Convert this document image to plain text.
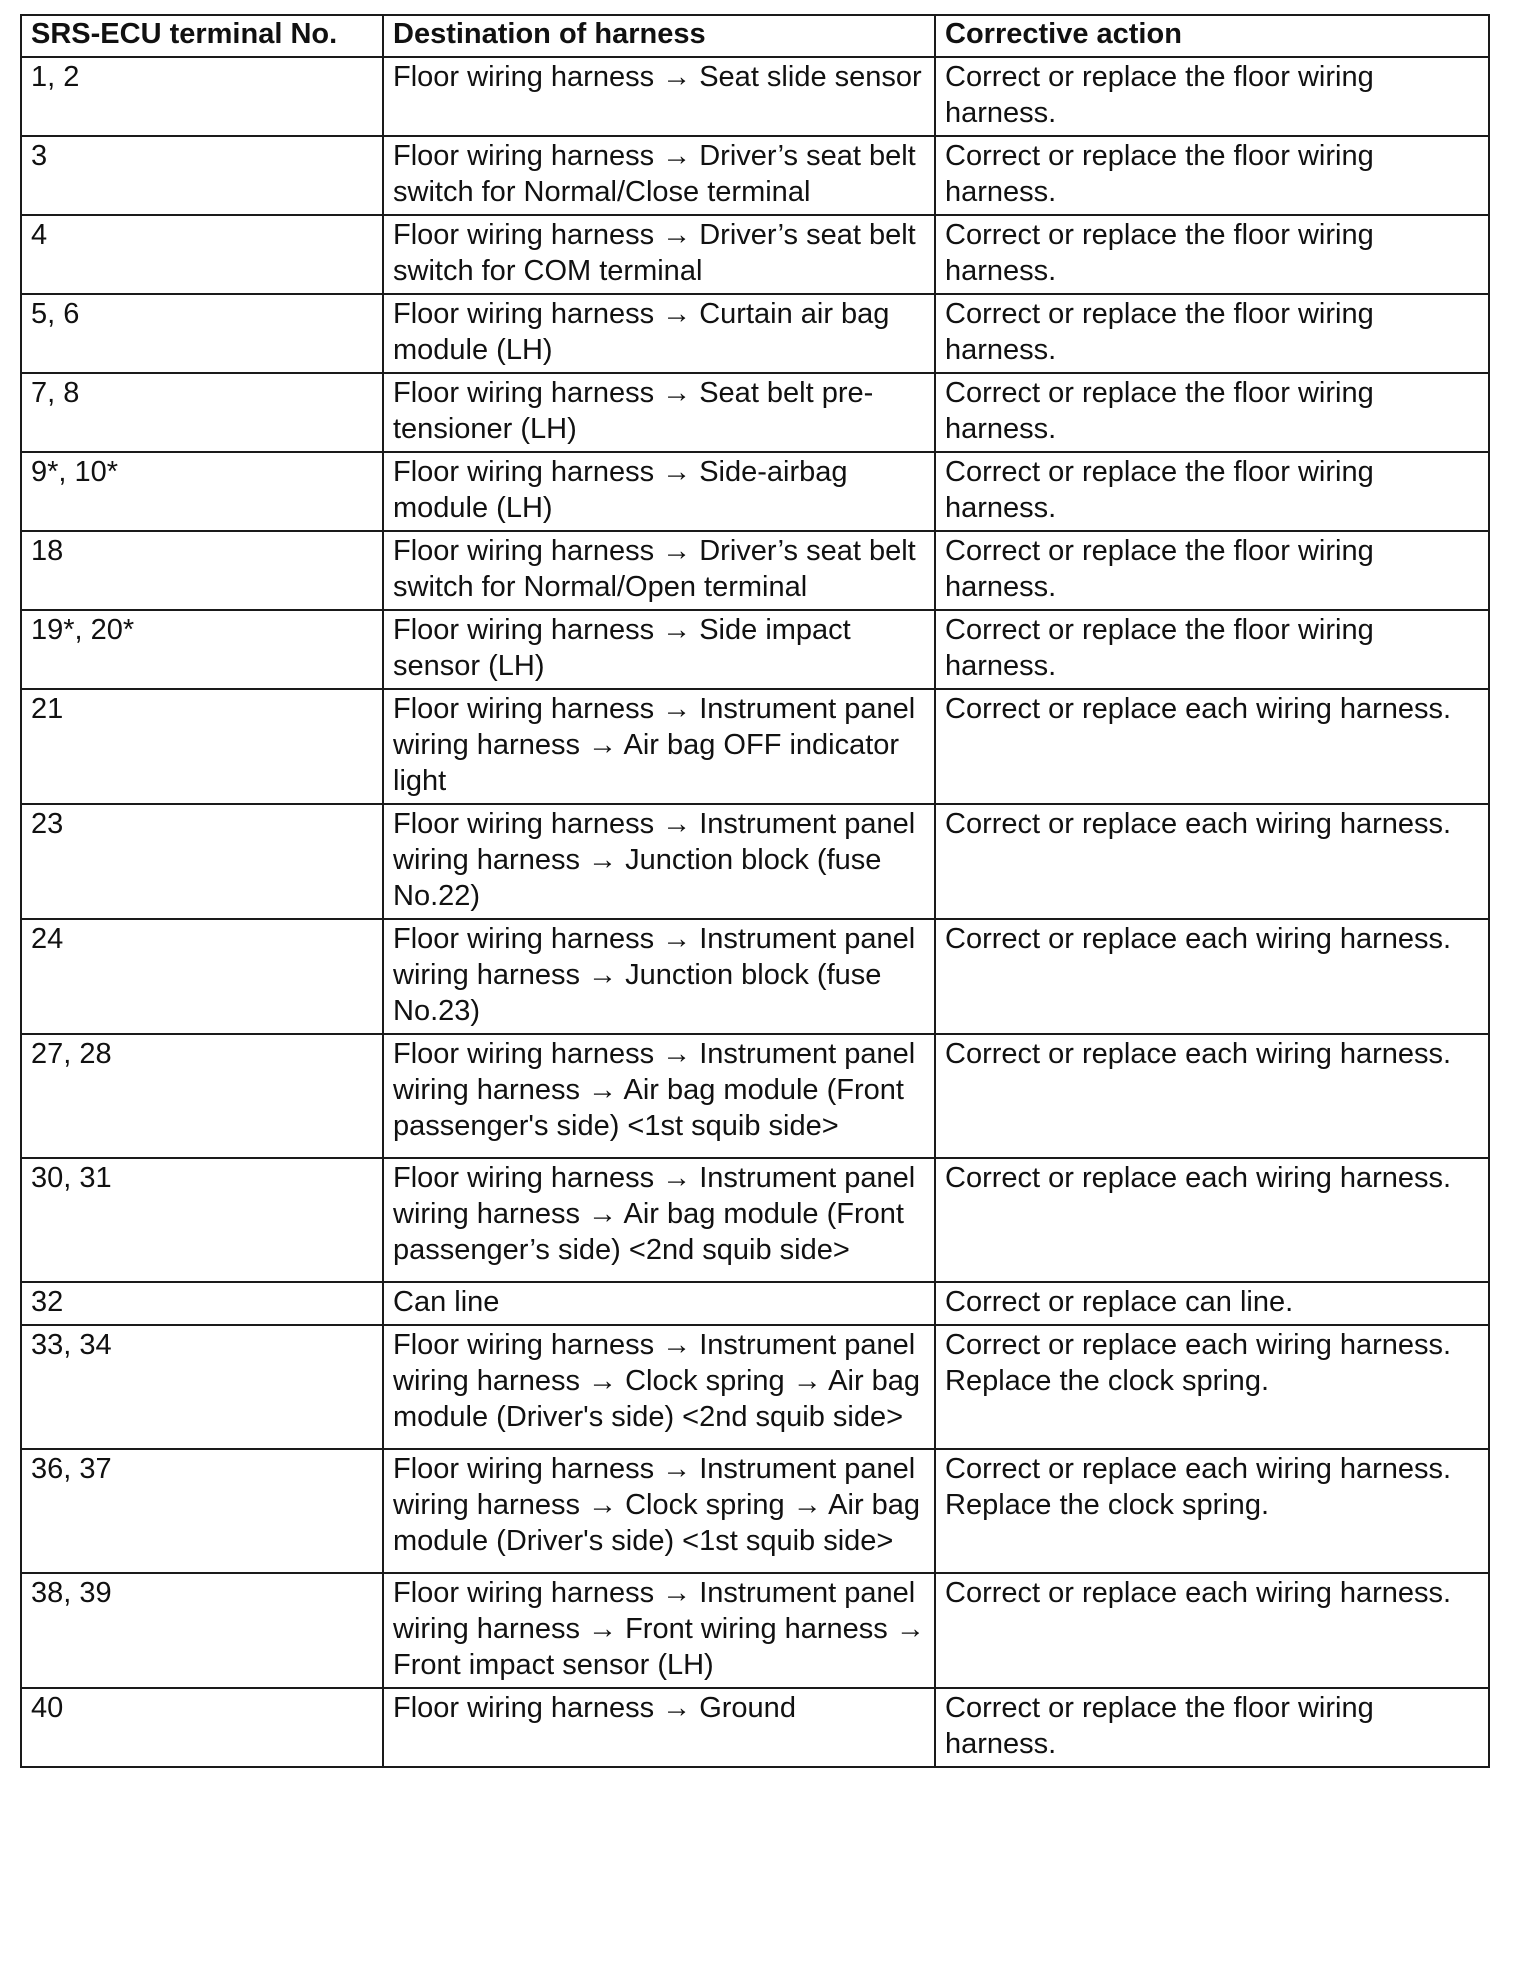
SRS-ECU terminal No.	Destination of harness	Corrective action
1, 2	Floor wiring harness → Seat slide sensor	Correct or replace the floor wiring harness.
3	Floor wiring harness → Driver’s seat belt switch for Normal/Close terminal	Correct or replace the floor wiring harness.
4	Floor wiring harness → Driver’s seat belt switch for COM terminal	Correct or replace the floor wiring harness.
5, 6	Floor wiring harness → Curtain air bag module (LH)	Correct or replace the floor wiring harness.
7, 8	Floor wiring harness → Seat belt pre-tensioner (LH)	Correct or replace the floor wiring harness.
9*, 10*	Floor wiring harness → Side-airbag module (LH)	Correct or replace the floor wiring harness.
18	Floor wiring harness → Driver’s seat belt switch for Normal/Open terminal	Correct or replace the floor wiring harness.
19*, 20*	Floor wiring harness → Side impact sensor (LH)	Correct or replace the floor wiring harness.
21	Floor wiring harness → Instrument panel wiring harness → Air bag OFF indicator light	Correct or replace each wiring harness.
23	Floor wiring harness → Instrument panel wiring harness → Junction block (fuse No.22)	Correct or replace each wiring harness.
24	Floor wiring harness → Instrument panel wiring harness → Junction block (fuse No.23)	Correct or replace each wiring harness.
27, 28	Floor wiring harness → Instrument panel wiring harness → Air bag module (Front passenger's side) <1st squib side>	Correct or replace each wiring harness.
30, 31	Floor wiring harness → Instrument panel wiring harness → Air bag module (Front passenger’s side) <2nd squib side>	Correct or replace each wiring harness.
32	Can line	Correct or replace can line.
33, 34	Floor wiring harness → Instrument panel wiring harness → Clock spring → Air bag module (Driver's side) <2nd squib side>	Correct or replace each wiring harness. Replace the clock spring.
36, 37	Floor wiring harness → Instrument panel wiring harness → Clock spring → Air bag module (Driver's side) <1st squib side>	Correct or replace each wiring harness. Replace the clock spring.
38, 39	Floor wiring harness → Instrument panel wiring harness → Front wiring harness → Front impact sensor (LH)	Correct or replace each wiring harness.
40	Floor wiring harness → Ground	Correct or replace the floor wiring harness.
